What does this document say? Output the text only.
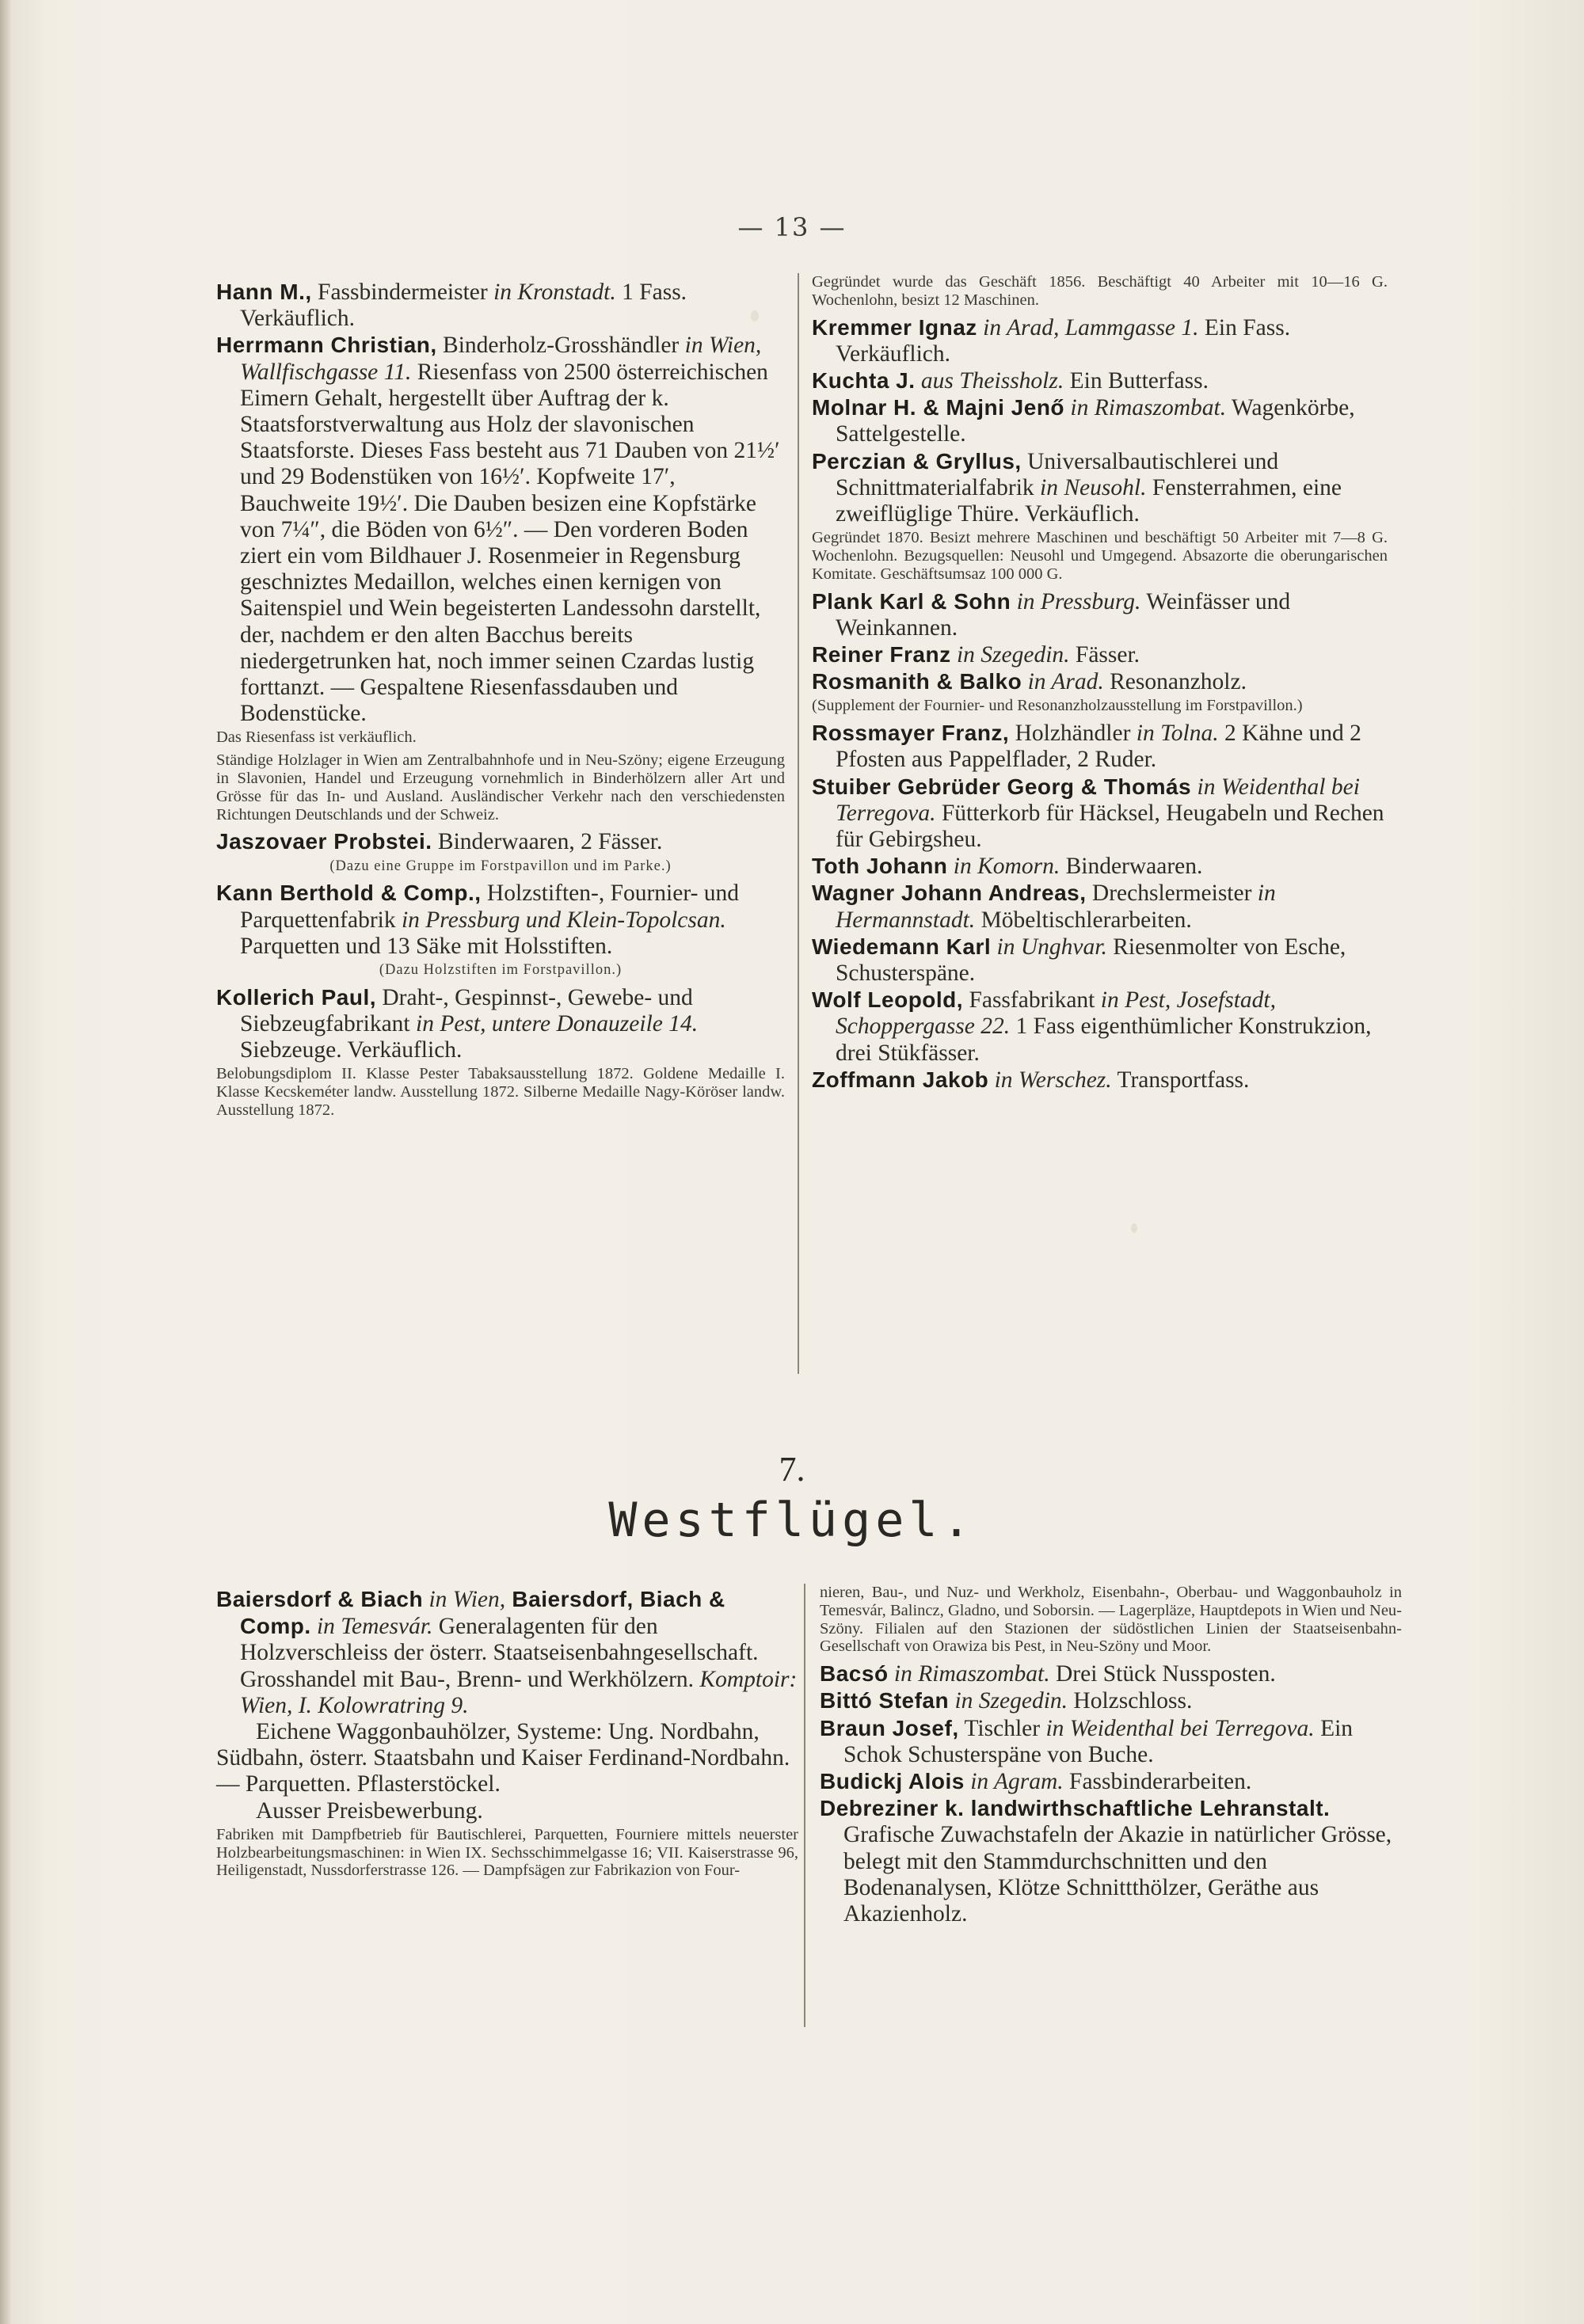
— 13 —

Hann M., Fassbindermeister in Kronstadt. 1 Fass. Verkäuflich.

Herrmann Christian, Binderholz-Grosshändler in Wien, Wallfischgasse 11. Riesenfass von 2500 österreichischen Eimern Gehalt, hergestellt über Auftrag der k. Staatsforstverwaltung aus Holz der slavonischen Staatsforste. Dieses Fass besteht aus 71 Dauben von 21½′ und 29 Bodenstüken von 16½′. Kopfweite 17′, Bauchweite 19½′. Die Dauben besizen eine Kopfstärke von 7¼″, die Böden von 6½″. — Den vorderen Boden ziert ein vom Bildhauer J. Rosenmeier in Regensburg geschniztes Medaillon, welches einen kernigen von Saitenspiel und Wein begeisterten Landessohn darstellt, der, nachdem er den alten Bacchus bereits niedergetrunken hat, noch immer seinen Czardas lustig forttanzt. — Gespaltene Riesenfassdauben und Bodenstücke.

Das Riesenfass ist verkäuflich.
Ständige Holzlager in Wien am Zentralbahnhofe und in Neu-Szöny; eigene Erzeugung in Slavonien, Handel und Erzeugung vornehmlich in Binderhölzern aller Art und Grösse für das In- und Ausland. Ausländischer Verkehr nach den verschiedensten Richtungen Deutschlands und der Schweiz.

Jaszovaer Probstei. Binderwaaren, 2 Fässer.

(Dazu eine Gruppe im Forstpavillon und im Parke.)

Kann Berthold & Comp., Holzstiften-, Fournier- und Parquettenfabrik in Pressburg und Klein-Topolcsan. Parquetten und 13 Säke mit Holsstiften.

(Dazu Holzstiften im Forstpavillon.)

Kollerich Paul, Draht-, Gespinnst-, Gewebe- und Siebzeugfabrikant in Pest, untere Donauzeile 14. Siebzeuge. Verkäuflich.

Belobungsdiplom II. Klasse Pester Tabaksausstellung 1872. Goldene Medaille I. Klasse Kecskeméter landw. Ausstellung 1872. Silberne Medaille Nagy-Köröser landw. Ausstellung 1872.
Gegründet wurde das Geschäft 1856. Beschäftigt 40 Arbeiter mit 10—16 G. Wochenlohn, besizt 12 Maschinen.

Kremmer Ignaz in Arad, Lammgasse 1. Ein Fass. Verkäuflich.

Kuchta J. aus Theissholz. Ein Butterfass.

Molnar H. & Majni Jenő in Rimaszombat. Wagenkörbe, Sattelgestelle.

Perczian & Gryllus, Universalbautischlerei und Schnittmaterialfabrik in Neusohl. Fensterrahmen, eine zweiflüglige Thüre. Verkäuflich.

Gegründet 1870. Besizt mehrere Maschinen und beschäftigt 50 Arbeiter mit 7—8 G. Wochenlohn. Bezugsquellen: Neusohl und Umgegend. Absazorte die oberungarischen Komitate. Geschäftsumsaz 100 000 G.

Plank Karl & Sohn in Pressburg. Weinfässer und Weinkannen.

Reiner Franz in Szegedin. Fässer.

Rosmanith & Balko in Arad. Resonanzholz.

(Supplement der Fournier- und Resonanzholzausstellung im Forstpavillon.)

Rossmayer Franz, Holzhändler in Tolna. 2 Kähne und 2 Pfosten aus Pappelflader, 2 Ruder.

Stuiber Gebrüder Georg & Thomás in Weidenthal bei Terregova. Fütterkorb für Häcksel, Heugabeln und Rechen für Gebirgsheu.

Toth Johann in Komorn. Binderwaaren.

Wagner Johann Andreas, Drechslermeister in Hermannstadt. Möbeltischlerarbeiten.

Wiedemann Karl in Unghvar. Riesenmolter von Esche, Schusterspäne.

Wolf Leopold, Fassfabrikant in Pest, Josefstadt, Schoppergasse 22. 1 Fass eigenthümlicher Konstrukzion, drei Stükfässer.

Zoffmann Jakob in Werschez. Transportfass.

7.
Westflügel.

Baiersdorf & Biach in Wien, Baiersdorf, Biach & Comp. in Temesvár. Generalagenten für den Holzverschleiss der österr. Staatseisenbahngesellschaft. Grosshandel mit Bau-, Brenn- und Werkhölzern. Komptoir: Wien, I. Kolowratring 9.

Eichene Waggonbauhölzer, Systeme: Ung. Nordbahn, Südbahn, österr. Staatsbahn und Kaiser Ferdinand-Nordbahn. — Parquetten. Pflasterstöckel.

Ausser Preisbewerbung.

Fabriken mit Dampfbetrieb für Bautischlerei, Parquetten, Fourniere mittels neuerster Holzbearbeitungsmaschinen: in Wien IX. Sechsschimmelgasse 16; VII. Kaiserstrasse 96, Heiligenstadt, Nussdorferstrasse 126. — Dampfsägen zur Fabrikazion von Four-
nieren, Bau-, und Nuz- und Werkholz, Eisenbahn-, Oberbau- und Waggonbauholz in Temesvár, Balincz, Gladno, und Soborsin. — Lagerpläze, Hauptdepots in Wien und Neu-Szöny. Filialen auf den Stazionen der südöstlichen Linien der Staatseisenbahn-Gesellschaft von Orawiza bis Pest, in Neu-Szöny und Moor.

Bacsó in Rimaszombat. Drei Stück Nussposten.

Bittó Stefan in Szegedin. Holzschloss.

Braun Josef, Tischler in Weidenthal bei Terregova. Ein Schok Schusterspäne von Buche.

Budickj Alois in Agram. Fassbinderarbeiten.

Debreziner k. landwirthschaftliche Lehranstalt. Grafische Zuwachstafeln der Akazie in natürlicher Grösse, belegt mit den Stammdurchschnitten und den Bodenanalysen, Klötze Schnittthölzer, Geräthe aus Akazienholz.
